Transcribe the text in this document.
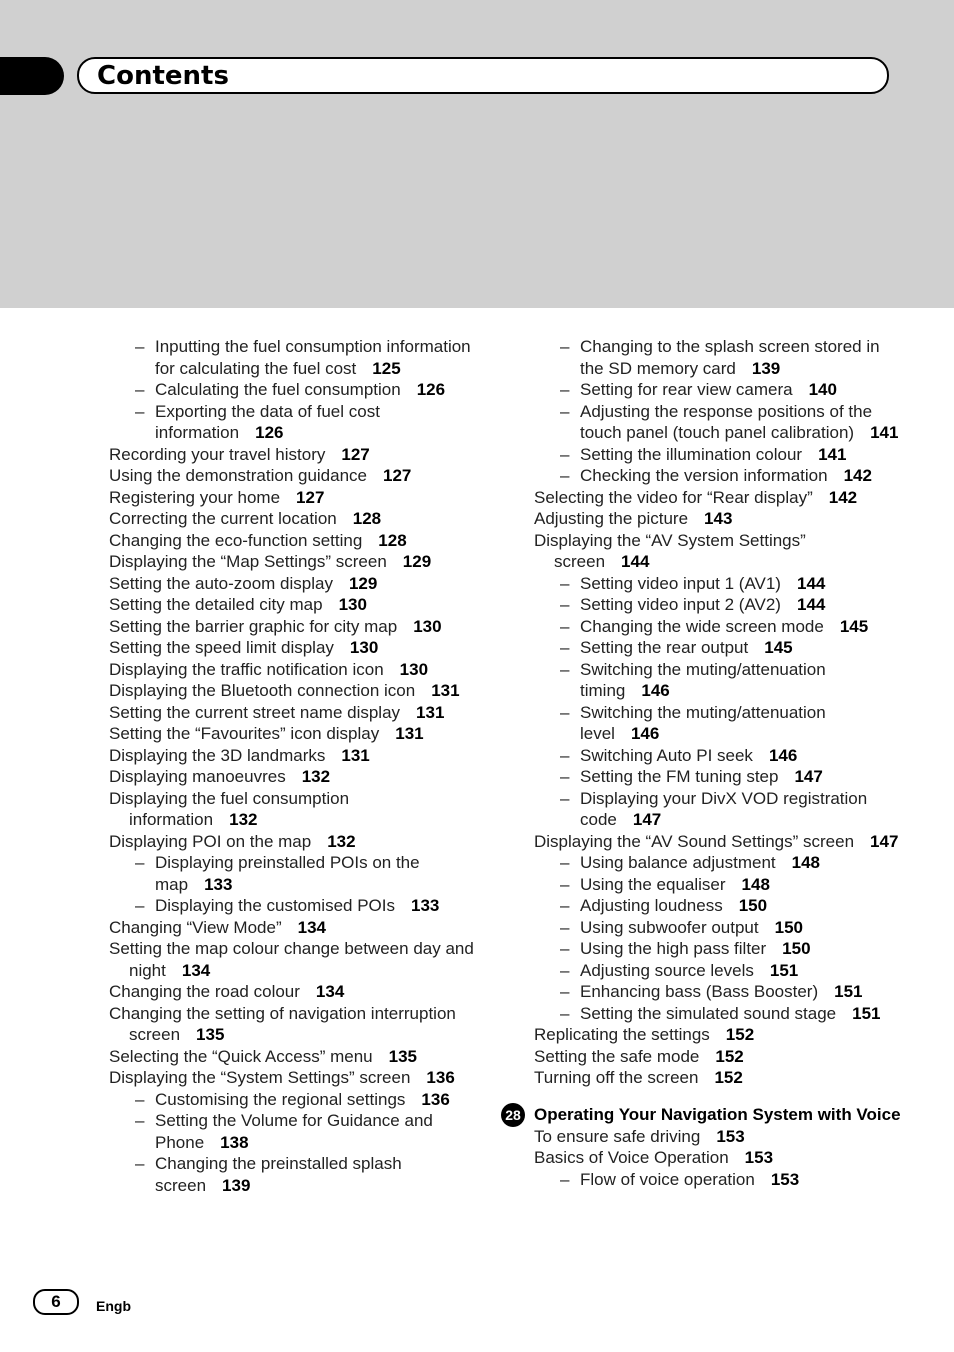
Contents
– Inputting the fuel consumption information for calculating the fuel cost 125
– Calculating the fuel consumption 126
– Exporting the data of fuel cost information 126
Recording your travel history 127
Using the demonstration guidance 127
Registering your home 127
Correcting the current location 128
Changing the eco-function setting 128
Displaying the “Map Settings” screen 129
Setting the auto-zoom display 129
Setting the detailed city map 130
Setting the barrier graphic for city map 130
Setting the speed limit display 130
Displaying the traffic notification icon 130
Displaying the Bluetooth connection icon 131
Setting the current street name display 131
Setting the “Favourites” icon display 131
Displaying the 3D landmarks 131
Displaying manoeuvres 132
Displaying the fuel consumption information 132
Displaying POI on the map 132
– Displaying preinstalled POIs on the map 133
– Displaying the customised POIs 133
Changing “View Mode” 134
Setting the map colour change between day and night 134
Changing the road colour 134
Changing the setting of navigation interruption screen 135
Selecting the “Quick Access” menu 135
Displaying the “System Settings” screen 136
– Customising the regional settings 136
– Setting the Volume for Guidance and Phone 138
– Changing the preinstalled splash screen 139
– Changing to the splash screen stored in the SD memory card 139
– Setting for rear view camera 140
– Adjusting the response positions of the touch panel (touch panel calibration) 141
– Setting the illumination colour 141
– Checking the version information 142
Selecting the video for “Rear display” 142
Adjusting the picture 143
Displaying the “AV System Settings” screen 144
– Setting video input 1 (AV1) 144
– Setting video input 2 (AV2) 144
– Changing the wide screen mode 145
– Setting the rear output 145
– Switching the muting/attenuation timing 146
– Switching the muting/attenuation level 146
– Switching Auto PI seek 146
– Setting the FM tuning step 147
– Displaying your DivX VOD registration code 147
Displaying the “AV Sound Settings” screen 147
– Using balance adjustment 148
– Using the equaliser 148
– Adjusting loudness 150
– Using subwoofer output 150
– Using the high pass filter 150
– Adjusting source levels 151
– Enhancing bass (Bass Booster) 151
– Setting the simulated sound stage 151
Replicating the settings 152
Setting the safe mode 152
Turning off the screen 152
28 Operating Your Navigation System with Voice
To ensure safe driving 153
Basics of Voice Operation 153
– Flow of voice operation 153
6	Engb
